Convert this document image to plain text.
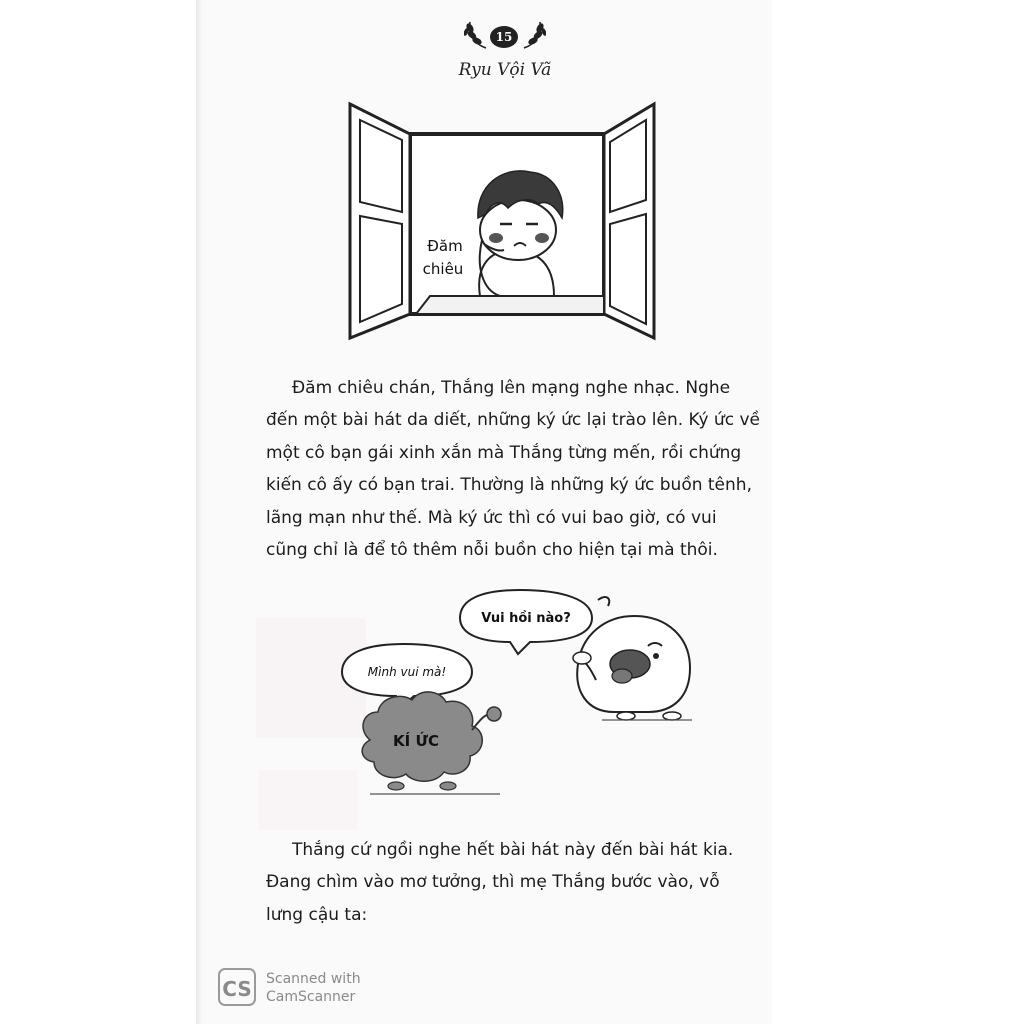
15
Ryu Vội Vã
Đăm
chiêu

Đăm chiêu chán, Thắng lên mạng nghe nhạc. Nghe đến một bài hát da diết, những ký ức lại trào lên. Ký ức về một cô bạn gái xinh xắn mà Thắng từng mến, rồi chứng kiến cô ấy có bạn trai. Thường là những ký ức buồn tênh, lãng mạn như thế. Mà ký ức thì có vui bao giờ, có vui cũng chỉ là để tô thêm nỗi buồn cho hiện tại mà thôi.

Vui hồi nào?
Mình vui mà!
KÍ ỨC

Thắng cứ ngồi nghe hết bài hát này đến bài hát kia. Đang chìm vào mơ tưởng, thì mẹ Thắng bước vào, vỗ lưng cậu ta:

CS	Scanned with
CamScanner
